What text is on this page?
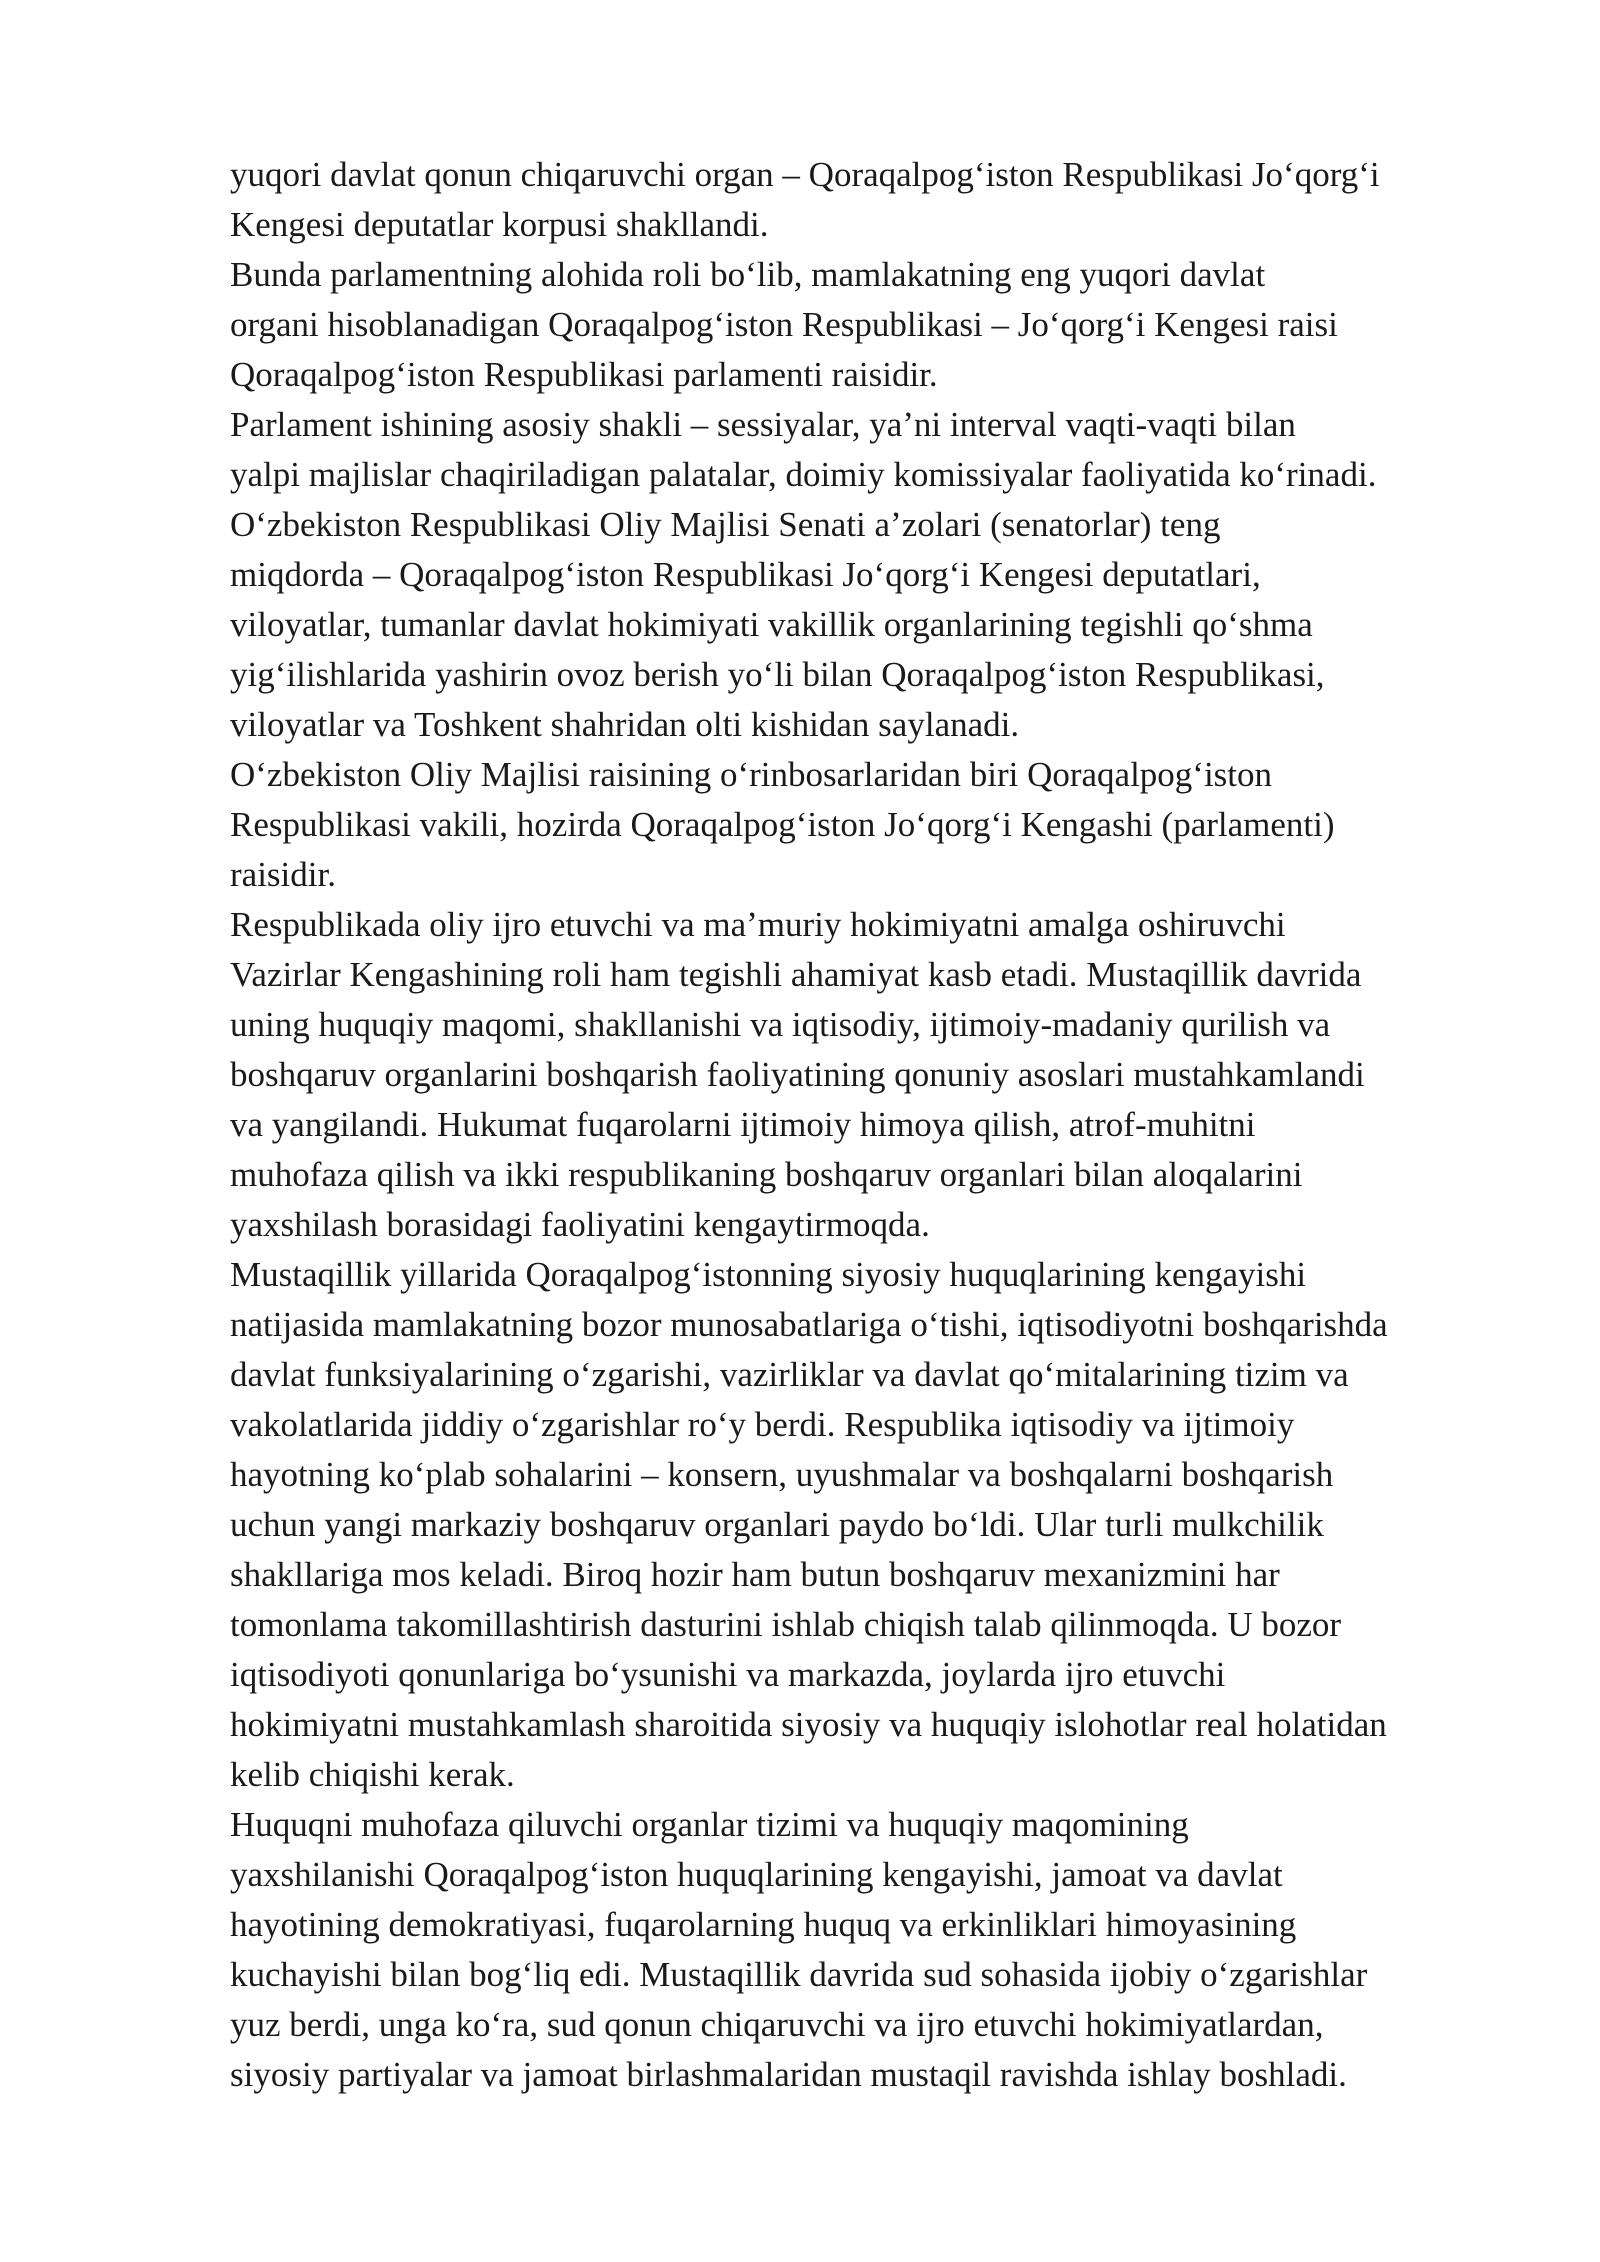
yuqori davlat qonun chiqaruvchi organ – Qoraqalpogʻiston Respublikasi Joʻqorgʻi
Kengesi deputatlar korpusi shakllandi.
Bunda parlamentning alohida roli boʻlib, mamlakatning eng yuqori davlat
organi hisoblanadigan Qoraqalpogʻiston Respublikasi – Joʻqorgʻi Kengesi raisi
Qoraqalpogʻiston Respublikasi parlamenti raisidir.
Parlament ishining asosiy shakli – sessiyalar, yaʼni interval vaqti-vaqti bilan
yalpi majlislar chaqiriladigan palatalar, doimiy komissiyalar faoliyatida koʻrinadi.
Oʻzbekiston Respublikasi Oliy Majlisi Senati aʼzolari (senatorlar) teng
miqdorda – Qoraqalpogʻiston Respublikasi Joʻqorgʻi Kengesi deputatlari,
viloyatlar, tumanlar davlat hokimiyati vakillik organlarining tegishli qoʻshma
yigʻilishlarida yashirin ovoz berish yoʻli bilan Qoraqalpogʻiston Respublikasi,
viloyatlar va Toshkent shahridan olti kishidan saylanadi.
Oʻzbekiston Oliy Majlisi raisining oʻrinbosarlaridan biri Qoraqalpogʻiston
Respublikasi vakili, hozirda Qoraqalpogʻiston Joʻqorgʻi Kengashi (parlamenti)
raisidir.
Respublikada oliy ijro etuvchi va maʼmuriy hokimiyatni amalga oshiruvchi
Vazirlar Kengashining roli ham tegishli ahamiyat kasb etadi. Mustaqillik davrida
uning huquqiy maqomi, shakllanishi va iqtisodiy, ijtimoiy-madaniy qurilish va
boshqaruv organlarini boshqarish faoliyatining qonuniy asoslari mustahkamlandi
va yangilandi. Hukumat fuqarolarni ijtimoiy himoya qilish, atrof-muhitni
muhofaza qilish va ikki respublikaning boshqaruv organlari bilan aloqalarini
yaxshilash borasidagi faoliyatini kengaytirmoqda.
Mustaqillik yillarida Qoraqalpogʻistonning siyosiy huquqlarining kengayishi
natijasida mamlakatning bozor munosabatlariga oʻtishi, iqtisodiyotni boshqarishda
davlat funksiyalarining oʻzgarishi, vazirliklar va davlat qoʻmitalarining tizim va
vakolatlarida jiddiy oʻzgarishlar roʻy berdi. Respublika iqtisodiy va ijtimoiy
hayotning koʻplab sohalarini – konsern, uyushmalar va boshqalarni boshqarish
uchun yangi markaziy boshqaruv organlari paydo boʻldi. Ular turli mulkchilik
shakllariga mos keladi. Biroq hozir ham butun boshqaruv mexanizmini har
tomonlama takomillashtirish dasturini ishlab chiqish talab qilinmoqda. U bozor
iqtisodiyoti qonunlariga boʻysunishi va markazda, joylarda ijro etuvchi
hokimiyatni mustahkamlash sharoitida siyosiy va huquqiy islohotlar real holatidan
kelib chiqishi kerak.
Huquqni muhofaza qiluvchi organlar tizimi va huquqiy maqomining
yaxshilanishi Qoraqalpogʻiston huquqlarining kengayishi, jamoat va davlat
hayotining demokratiyasi, fuqarolarning huquq va erkinliklari himoyasining
kuchayishi bilan bogʻliq edi. Mustaqillik davrida sud sohasida ijobiy oʻzgarishlar
yuz berdi, unga koʻra, sud qonun chiqaruvchi va ijro etuvchi hokimiyatlardan,
siyosiy partiyalar va jamoat birlashmalaridan mustaqil ravishda ishlay boshladi.
